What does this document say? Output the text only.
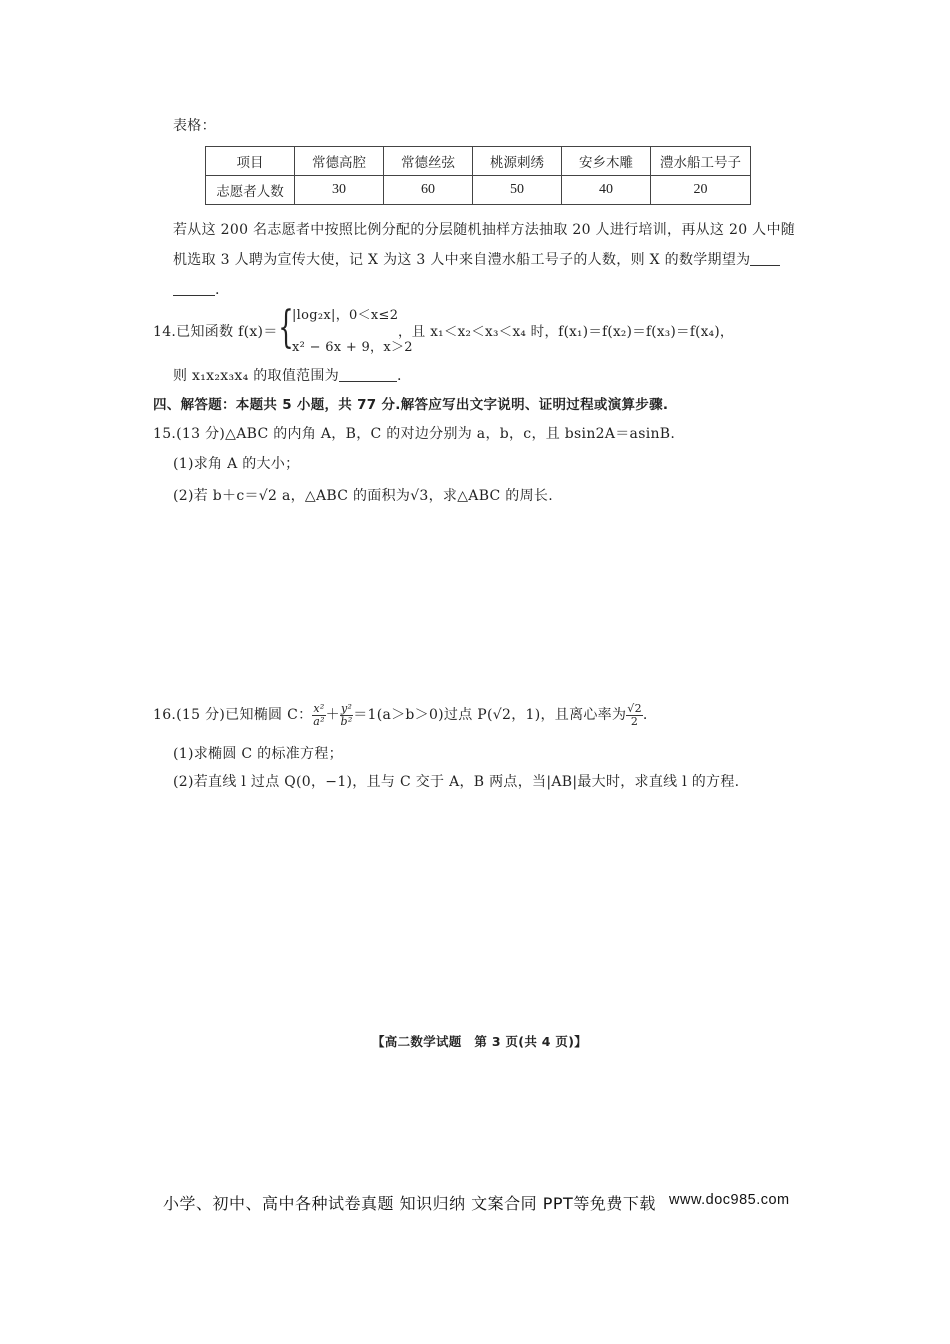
表格：
项目	常德高腔	常德丝弦	桃源刺绣	安乡木雕	澧水船工号子
志愿者人数	30	60	50	40	20
若从这 200 名志愿者中按照比例分配的分层随机抽样方法抽取 20 人进行培训，再从这 20 人中随
机选取 3 人聘为宣传大使，记 X 为这 3 人中来自澧水船工号子的人数，则 X 的数学期望为
.
14.已知函数 f(x)＝ {
|log₂x|，0＜x≤2
x² − 6x + 9，x＞2
，且 x₁＜x₂＜x₃＜x₄ 时，f(x₁)＝f(x₂)＝f(x₃)＝f(x₄)，
则 x₁x₂x₃x₄ 的取值范围为	.
四、解答题：本题共 5 小题，共 77 分.解答应写出文字说明、证明过程或演算步骤.
15.(13 分)△ABC 的内角 A，B，C 的对边分别为 a，b，c，且 bsin2A＝asinB.
(1)求角 A 的大小；
(2)若 b＋c＝√2 a，△ABC 的面积为√3，求△ABC 的周长.
16.(15 分)已知椭圆 C： $\frac{\text{x²}}{\text{a²}} + \frac{\text{y²}}{\text{b²}} =1(a>b>0)$过点 P(√2，1)，且离心率为 $\frac{√2}{2}$ .
(1)求椭圆 C 的标准方程；
(2)若直线 l 过点 Q(0，−1)，且与 C 交于 A，B 两点，当|AB|最大时，求直线 l 的方程.
【高二数学试题　第 3 页(共 4 页)】
小学、初中、高中各种试卷真题 知识归纳 文案合同 PPT等免费下载 www.doc985.com
